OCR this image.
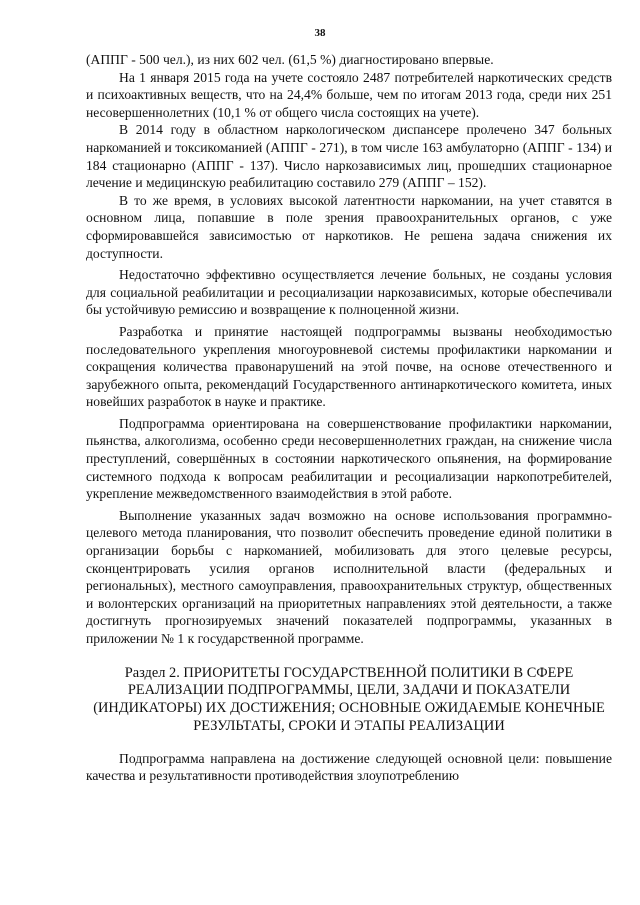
38

(АППГ - 500 чел.), из них 602 чел. (61,5 %) диагностировано впервые.

На 1 января 2015 года на учете состояло 2487 потребителей наркотических средств и психоактивных веществ, что на 24,4% больше, чем по итогам 2013 года, среди них 251 несовершеннолетних (10,1 % от общего числа состоящих на учете).

В 2014 году в областном наркологическом диспансере пролечено 347 больных наркоманией и токсикоманией (АППГ - 271), в том числе 163 амбулаторно (АППГ - 134) и 184 стационарно (АППГ - 137). Число наркозависимых лиц, прошедших стационарное лечение и медицинскую реабилитацию составило 279 (АППГ – 152).

В то же время, в условиях высокой латентности наркомании, на учет ставятся в основном лица, попавшие в поле зрения правоохранительных органов, с уже сформировавшейся зависимостью от наркотиков. Не решена задача снижения их доступности.

Недостаточно эффективно осуществляется лечение больных, не созданы условия для социальной реабилитации и ресоциализации наркозависимых, которые обеспечивали бы устойчивую ремиссию и возвращение к полноценной жизни.

Разработка и принятие настоящей подпрограммы вызваны необходимостью последовательного укрепления многоуровневой системы профилактики наркомании и сокращения количества правонарушений на этой почве, на основе отечественного и зарубежного опыта, рекомендаций Государственного антинаркотического комитета, иных новейших разработок в науке и практике.

Подпрограмма ориентирована на совершенствование профилактики наркомании, пьянства, алкоголизма, особенно среди несовершеннолетних граждан, на снижение числа преступлений, совершённых в состоянии наркотического опьянения, на формирование системного подхода к вопросам реабилитации и ресоциализации наркопотребителей, укрепление межведомственного взаимодействия в этой работе.

Выполнение указанных задач возможно на основе использования программно-целевого метода планирования, что позволит обеспечить проведение единой политики в организации борьбы с наркоманией, мобилизовать для этого целевые ресурсы, сконцентрировать усилия органов исполнительной власти (федеральных и региональных), местного самоуправления, правоохранительных структур, общественных и волонтерских организаций на приоритетных направлениях этой деятельности, а также достигнуть прогнозируемых значений показателей подпрограммы, указанных в приложении № 1 к государственной программе.

Раздел 2. ПРИОРИТЕТЫ ГОСУДАРСТВЕННОЙ ПОЛИТИКИ В СФЕРЕ РЕАЛИЗАЦИИ ПОДПРОГРАММЫ, ЦЕЛИ, ЗАДАЧИ И ПОКАЗАТЕЛИ (ИНДИКАТОРЫ) ИХ ДОСТИЖЕНИЯ; ОСНОВНЫЕ ОЖИДАЕМЫЕ КОНЕЧНЫЕ РЕЗУЛЬТАТЫ, СРОКИ И ЭТАПЫ РЕАЛИЗАЦИИ

Подпрограмма направлена на достижение следующей основной цели: повышение качества и результативности противодействия злоупотреблению
